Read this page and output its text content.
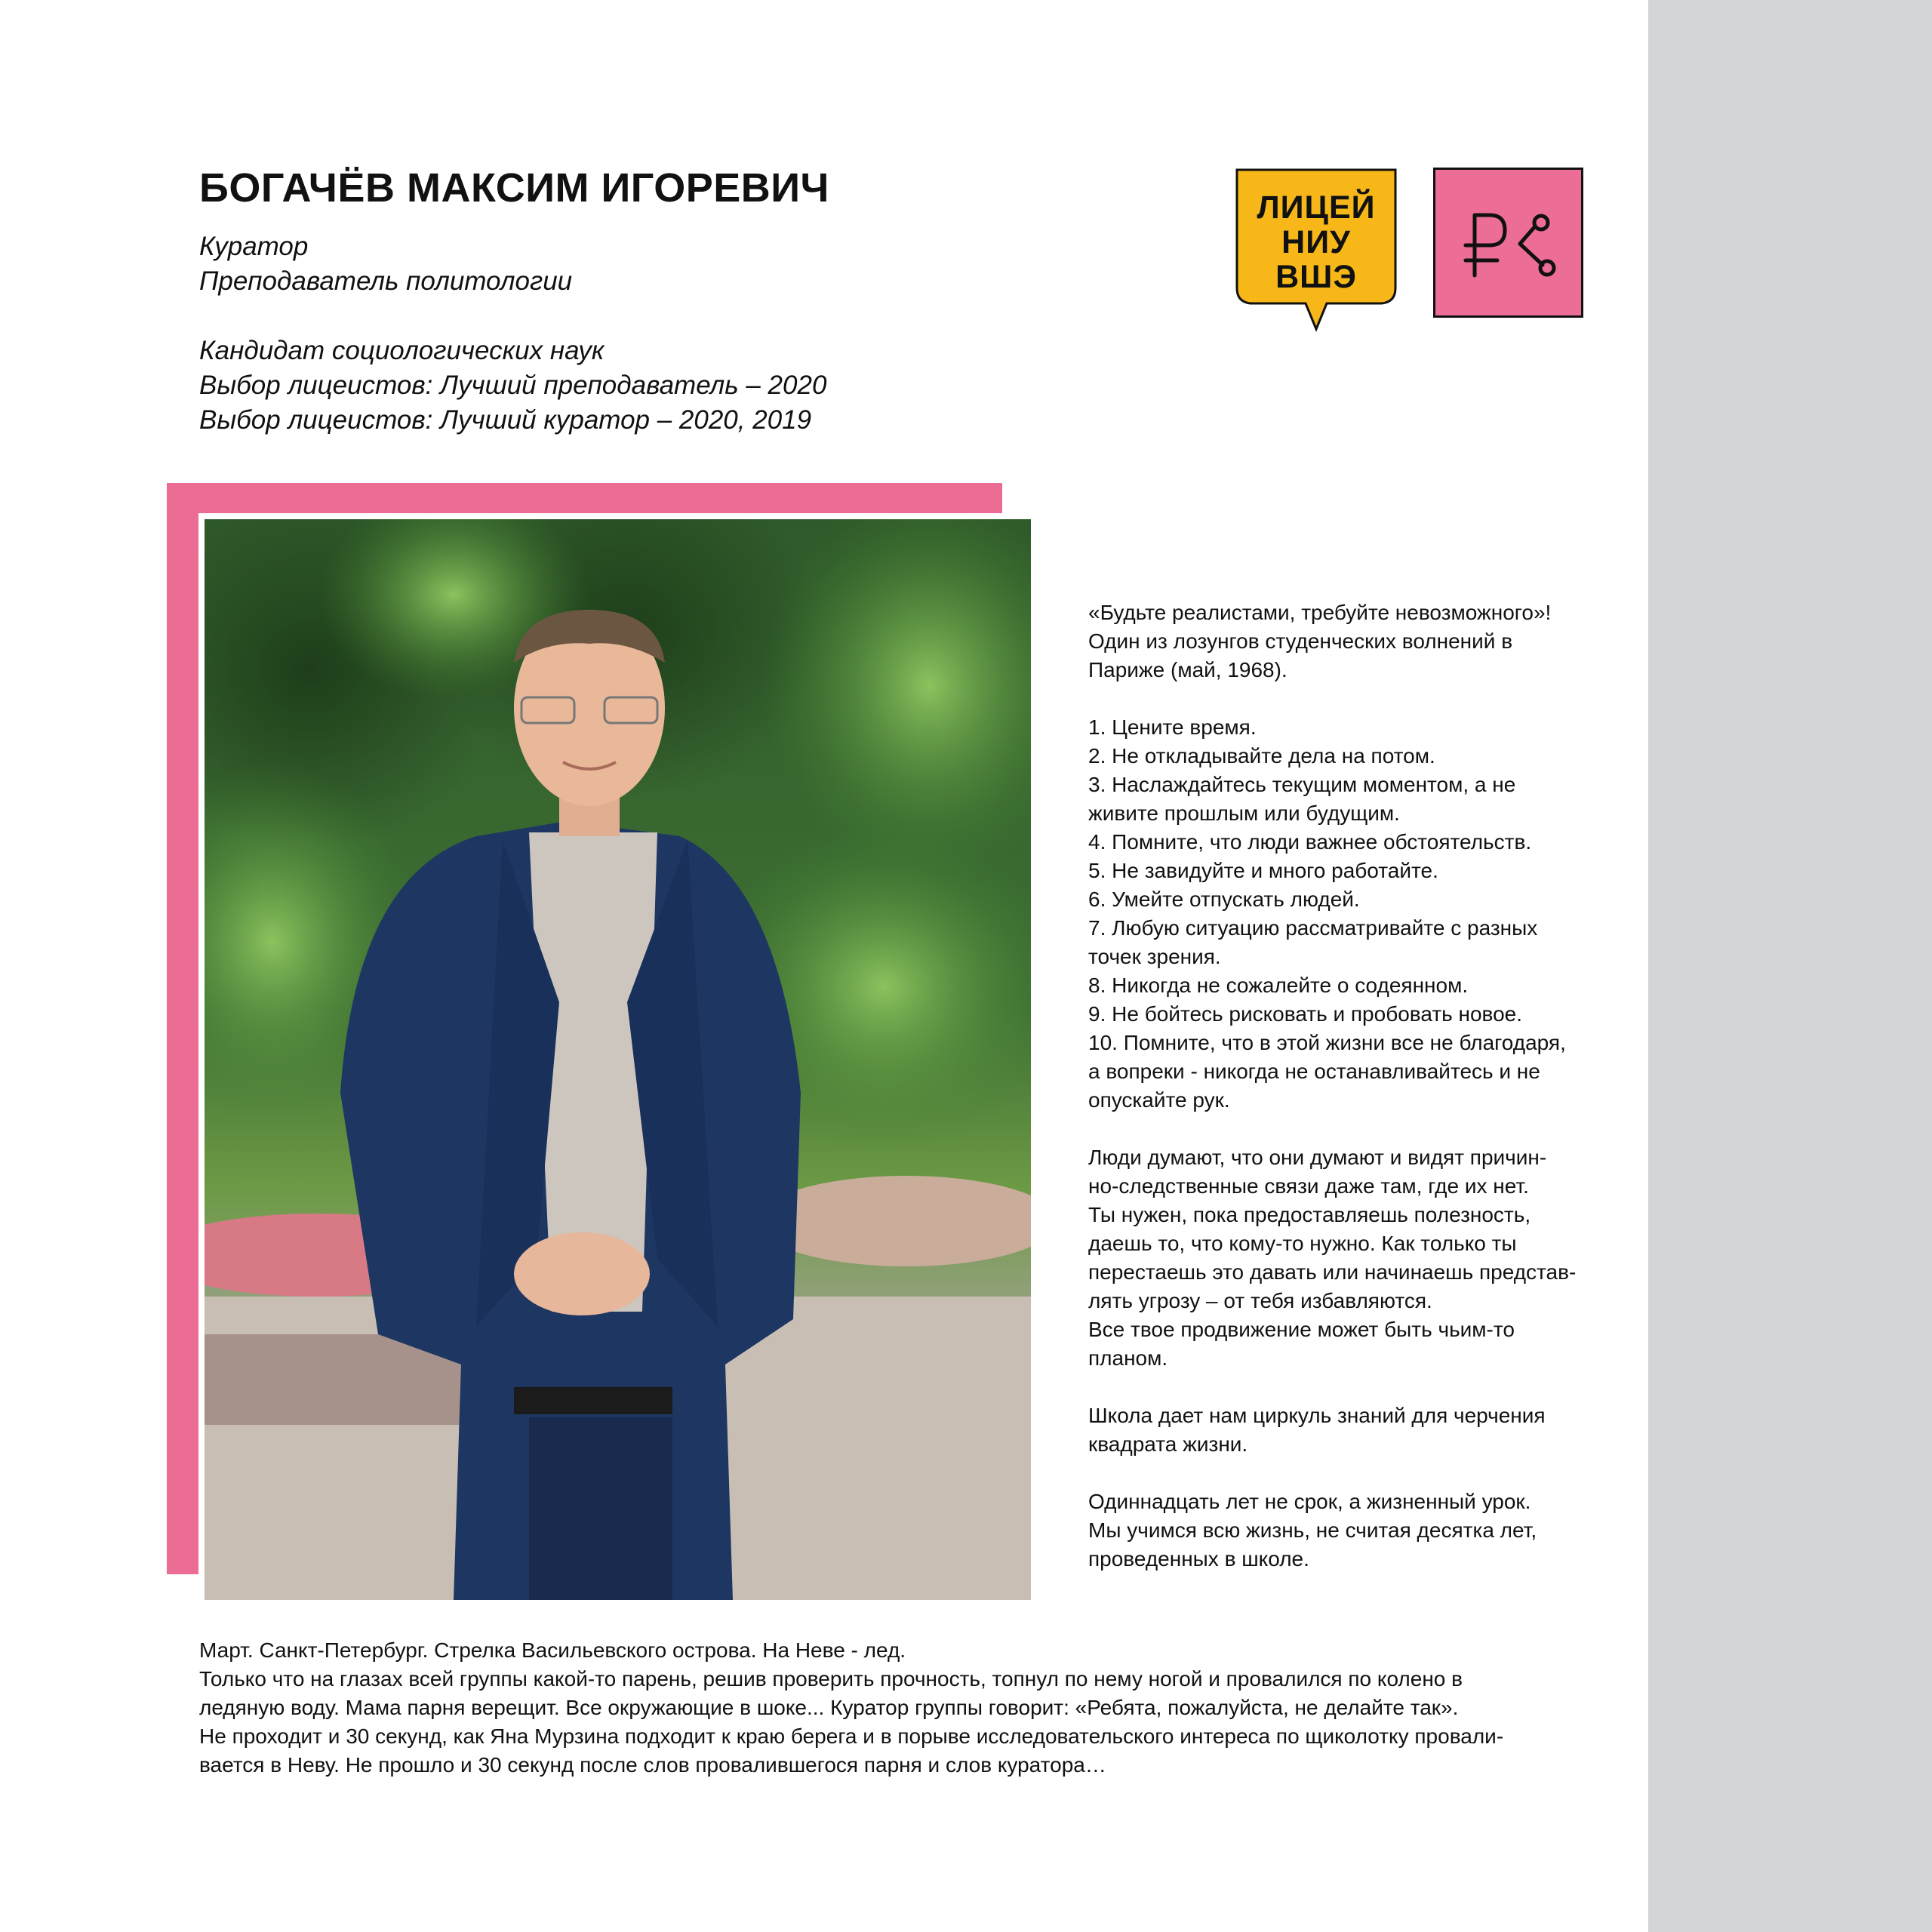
БОГАЧЁВ МАКСИМ ИГОРЕВИЧ
Куратор
Преподаватель политологии
Кандидат социологических наук
Выбор лицеистов: Лучший преподаватель – 2020
Выбор лицеистов: Лучший куратор – 2020, 2019
ЛИЦЕЙ
НИУ
ВШЭ

«Будьте реалистами, требуйте невозможного»!
Один из лозунгов студенческих волнений в
Париже (май, 1968).

1. Цените время.
2. Не откладывайте дела на потом.
3. Наслаждайтесь текущим моментом, а не
живите прошлым или будущим.
4. Помните, что люди важнее обстоятельств.
5. Не завидуйте и много работайте.
6. Умейте отпускать людей.
7. Любую ситуацию рассматривайте с разных
точек зрения.
8. Никогда не сожалейте о содеянном.
9. Не бойтесь рисковать и пробовать новое.
10. Помните, что в этой жизни все не благодаря,
а вопреки - никогда не останавливайтесь и не
опускайте рук.

Люди думают, что они думают и видят причин-
но-следственные связи даже там, где их нет.
Ты нужен, пока предоставляешь полезность,
даешь то, что кому-то нужно. Как только ты
перестаешь это давать или начинаешь представ-
лять угрозу – от тебя избавляются.
Все твое продвижение может быть чьим-то
планом.

Школа дает нам циркуль знаний для черчения
квадрата жизни.

Одиннадцать лет не срок, а жизненный урок.
Мы учимся всю жизнь, не считая десятка лет,
проведенных в школе.

Март. Санкт-Петербург. Стрелка Васильевского острова. На Неве - лед.
Только что на глазах всей группы какой-то парень, решив проверить прочность, топнул по нему ногой и провалился по колено в
ледяную воду. Мама парня верещит. Все окружающие в шоке... Куратор группы говорит: «Ребята, пожалуйста, не делайте так».
Не проходит и 30 секунд, как Яна Мурзина подходит к краю берега и в порыве исследовательского интереса по щиколотку провали-
вается в Неву. Не прошло и 30 секунд после слов провалившегося парня и слов куратора…
